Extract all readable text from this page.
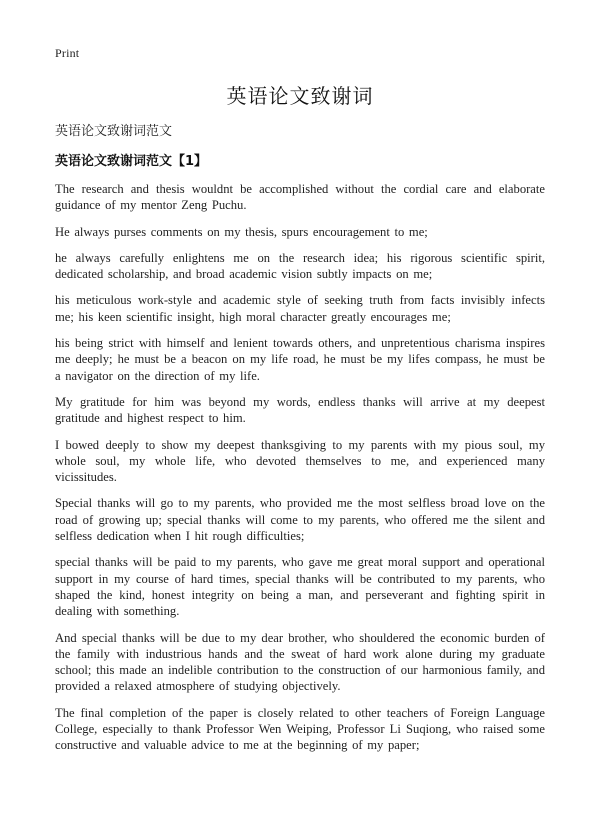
Print
英语论文致谢词
英语论文致谢词范文
英语论文致谢词范文【1】

The research and thesis wouldnt be accomplished without the cordial care and elaborate guidance of my mentor Zeng Puchu.

He always purses comments on my thesis, spurs encouragement to me;

he always carefully enlightens me on the research idea; his rigorous scientific spirit, dedicated scholarship, and broad academic vision subtly impacts on me;

his meticulous work-style and academic style of seeking truth from facts invisibly infects me; his keen scientific insight, high moral character greatly encourages me;

his being strict with himself and lenient towards others, and unpretentious charisma inspires me deeply; he must be a beacon on my life road, he must be my lifes compass, he must be a navigator on the direction of my life.

My gratitude for him was beyond my words, endless thanks will arrive at my deepest gratitude and highest respect to him.

I bowed deeply to show my deepest thanksgiving to my parents with my pious soul, my whole soul, my whole life, who devoted themselves to me, and experienced many vicissitudes.

Special thanks will go to my parents, who provided me the most selfless broad love on the road of growing up; special thanks will come to my parents, who offered me the silent and selfless dedication when I hit rough difficulties;

special thanks will be paid to my parents, who gave me great moral support and operational support in my course of hard times, special thanks will be contributed to my parents, who shaped the kind, honest integrity on being a man, and perseverant and fighting spirit in dealing with something.

And special thanks will be due to my dear brother, who shouldered the economic burden of the family with industrious hands and the sweat of hard work alone during my graduate school; this made an indelible contribution to the construction of our harmonious family, and provided a relaxed atmosphere of studying objectively.

The final completion of the paper is closely related to other teachers of Foreign Language College, especially to thank Professor Wen Weiping, Professor Li Suqiong, who raised some constructive and valuable advice to me at the beginning of my paper;
